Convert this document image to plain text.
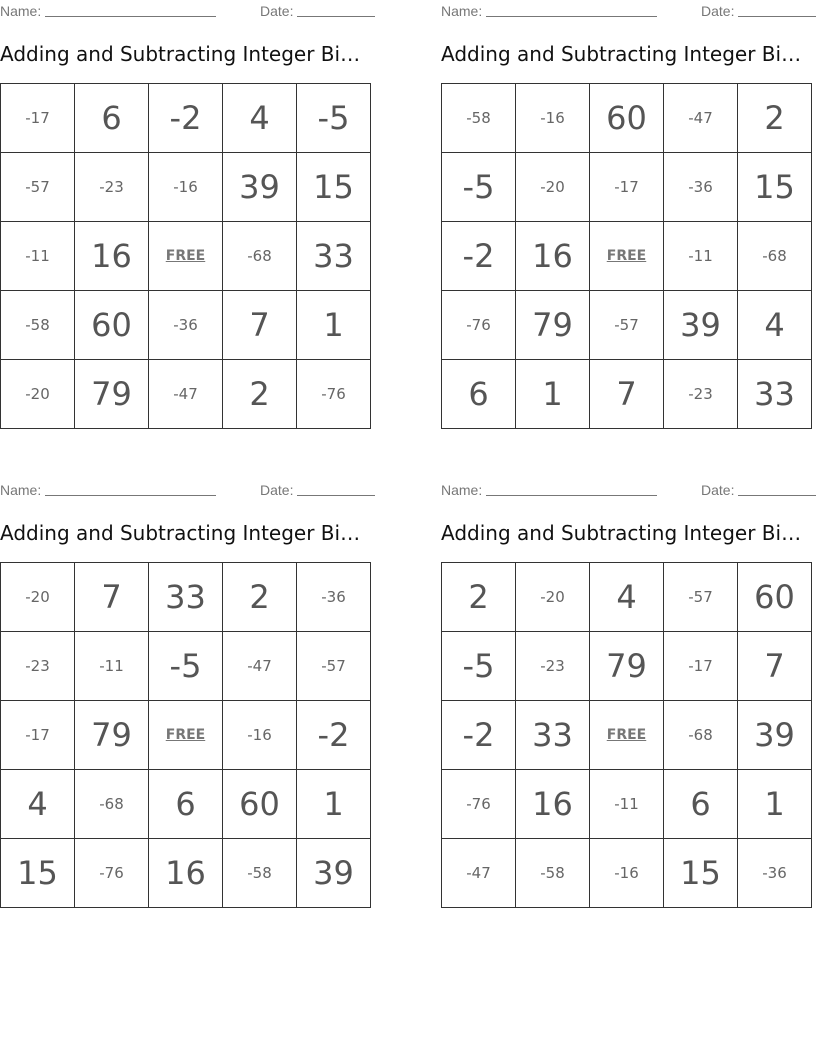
Name:	Date:
Adding and Subtracting Integer Bi…
-17	6	-2	4	-5
-57	-23	-16	39	15
-11	16	FREE	-68	33
-58	60	-36	7	1
-20	79	-47	2	-76
Name:	Date:
Adding and Subtracting Integer Bi…
-58	-16	60	-47	2
-5	-20	-17	-36	15
-2	16	FREE	-11	-68
-76	79	-57	39	4
6	1	7	-23	33
Name:	Date:
Adding and Subtracting Integer Bi…
-20	7	33	2	-36
-23	-11	-5	-47	-57
-17	79	FREE	-16	-2
4	-68	6	60	1
15	-76	16	-58	39
Name:	Date:
Adding and Subtracting Integer Bi…
2	-20	4	-57	60
-5	-23	79	-17	7
-2	33	FREE	-68	39
-76	16	-11	6	1
-47	-58	-16	15	-36
